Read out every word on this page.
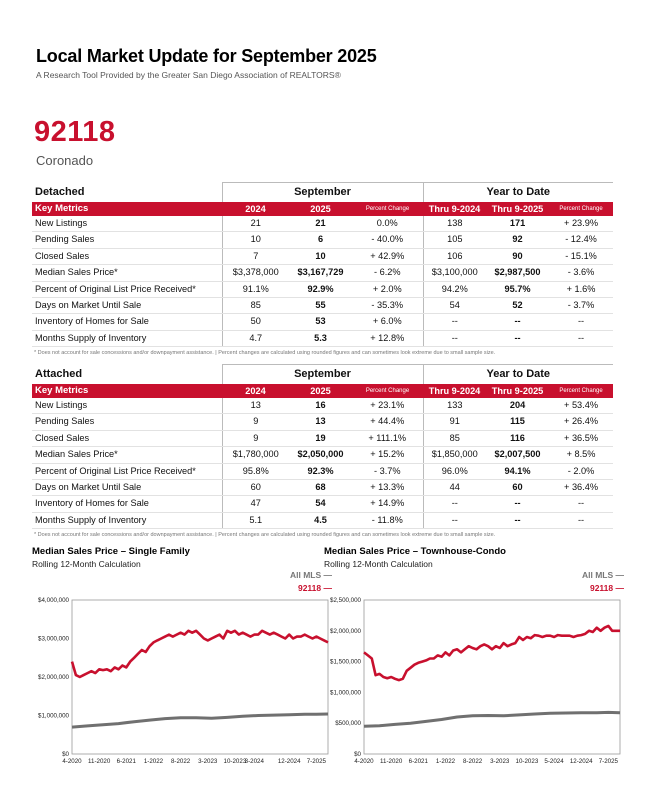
Local Market Update for September 2025
A Research Tool Provided by the Greater San Diego Association of REALTORS®
92118
Coronado
Detached	September			Year to Date		
Key Metrics	2024	2025	Percent Change	Thru 9-2024	Thru 9-2025	Percent Change
New Listings	21	21	0.0%	138	171	+ 23.9%
Pending Sales	10	6	- 40.0%	105	92	- 12.4%
Closed Sales	7	10	+ 42.9%	106	90	- 15.1%
Median Sales Price*	$3,378,000	$3,167,729	- 6.2%	$3,100,000	$2,987,500	- 3.6%
Percent of Original List Price Received*	91.1%	92.9%	+ 2.0%	94.2%	95.7%	+ 1.6%
Days on Market Until Sale	85	55	- 35.3%	54	52	- 3.7%
Inventory of Homes for Sale	50	53	+ 6.0%	--	--	--
Months Supply of Inventory	4.7	5.3	+ 12.8%	--	--	--
* Does not account for sale concessions and/or downpayment assistance. | Percent changes are calculated using rounded figures and can sometimes look extreme due to small sample size.
Attached	September			Year to Date		
Key Metrics	2024	2025	Percent Change	Thru 9-2024	Thru 9-2025	Percent Change
New Listings	13	16	+ 23.1%	133	204	+ 53.4%
Pending Sales	9	13	+ 44.4%	91	115	+ 26.4%
Closed Sales	9	19	+ 111.1%	85	116	+ 36.5%
Median Sales Price*	$1,780,000	$2,050,000	+ 15.2%	$1,850,000	$2,007,500	+ 8.5%
Percent of Original List Price Received*	95.8%	92.3%	- 3.7%	96.0%	94.1%	- 2.0%
Days on Market Until Sale	60	68	+ 13.3%	44	60	+ 36.4%
Inventory of Homes for Sale	47	54	+ 14.9%	--	--	--
Months Supply of Inventory	5.1	4.5	- 11.8%	--	--	--
* Does not account for sale concessions and/or downpayment assistance. | Percent changes are calculated using rounded figures and can sometimes look extreme due to small sample size.
Median Sales Price – Single Family
Rolling 12-Month Calculation
All MLS —
92118 —
$0
$1,000,000
$2,000,000
$3,000,000
$4,000,000
4-2020 11-2020 6-2021 1-2022 8-2022 3-2023 10-2023
3-2024 12-2024 7-2025
Median Sales Price – Townhouse-Condo
Rolling 12-Month Calculation
All MLS —
92118 —
$0
$500,000
$1,000,000
$1,500,000
$2,000,000
$2,500,000
4-2020 11-2020 6-2021 1-2022 8-2022 3-2023 10-2023 5-2024 12-2024 7-2025
